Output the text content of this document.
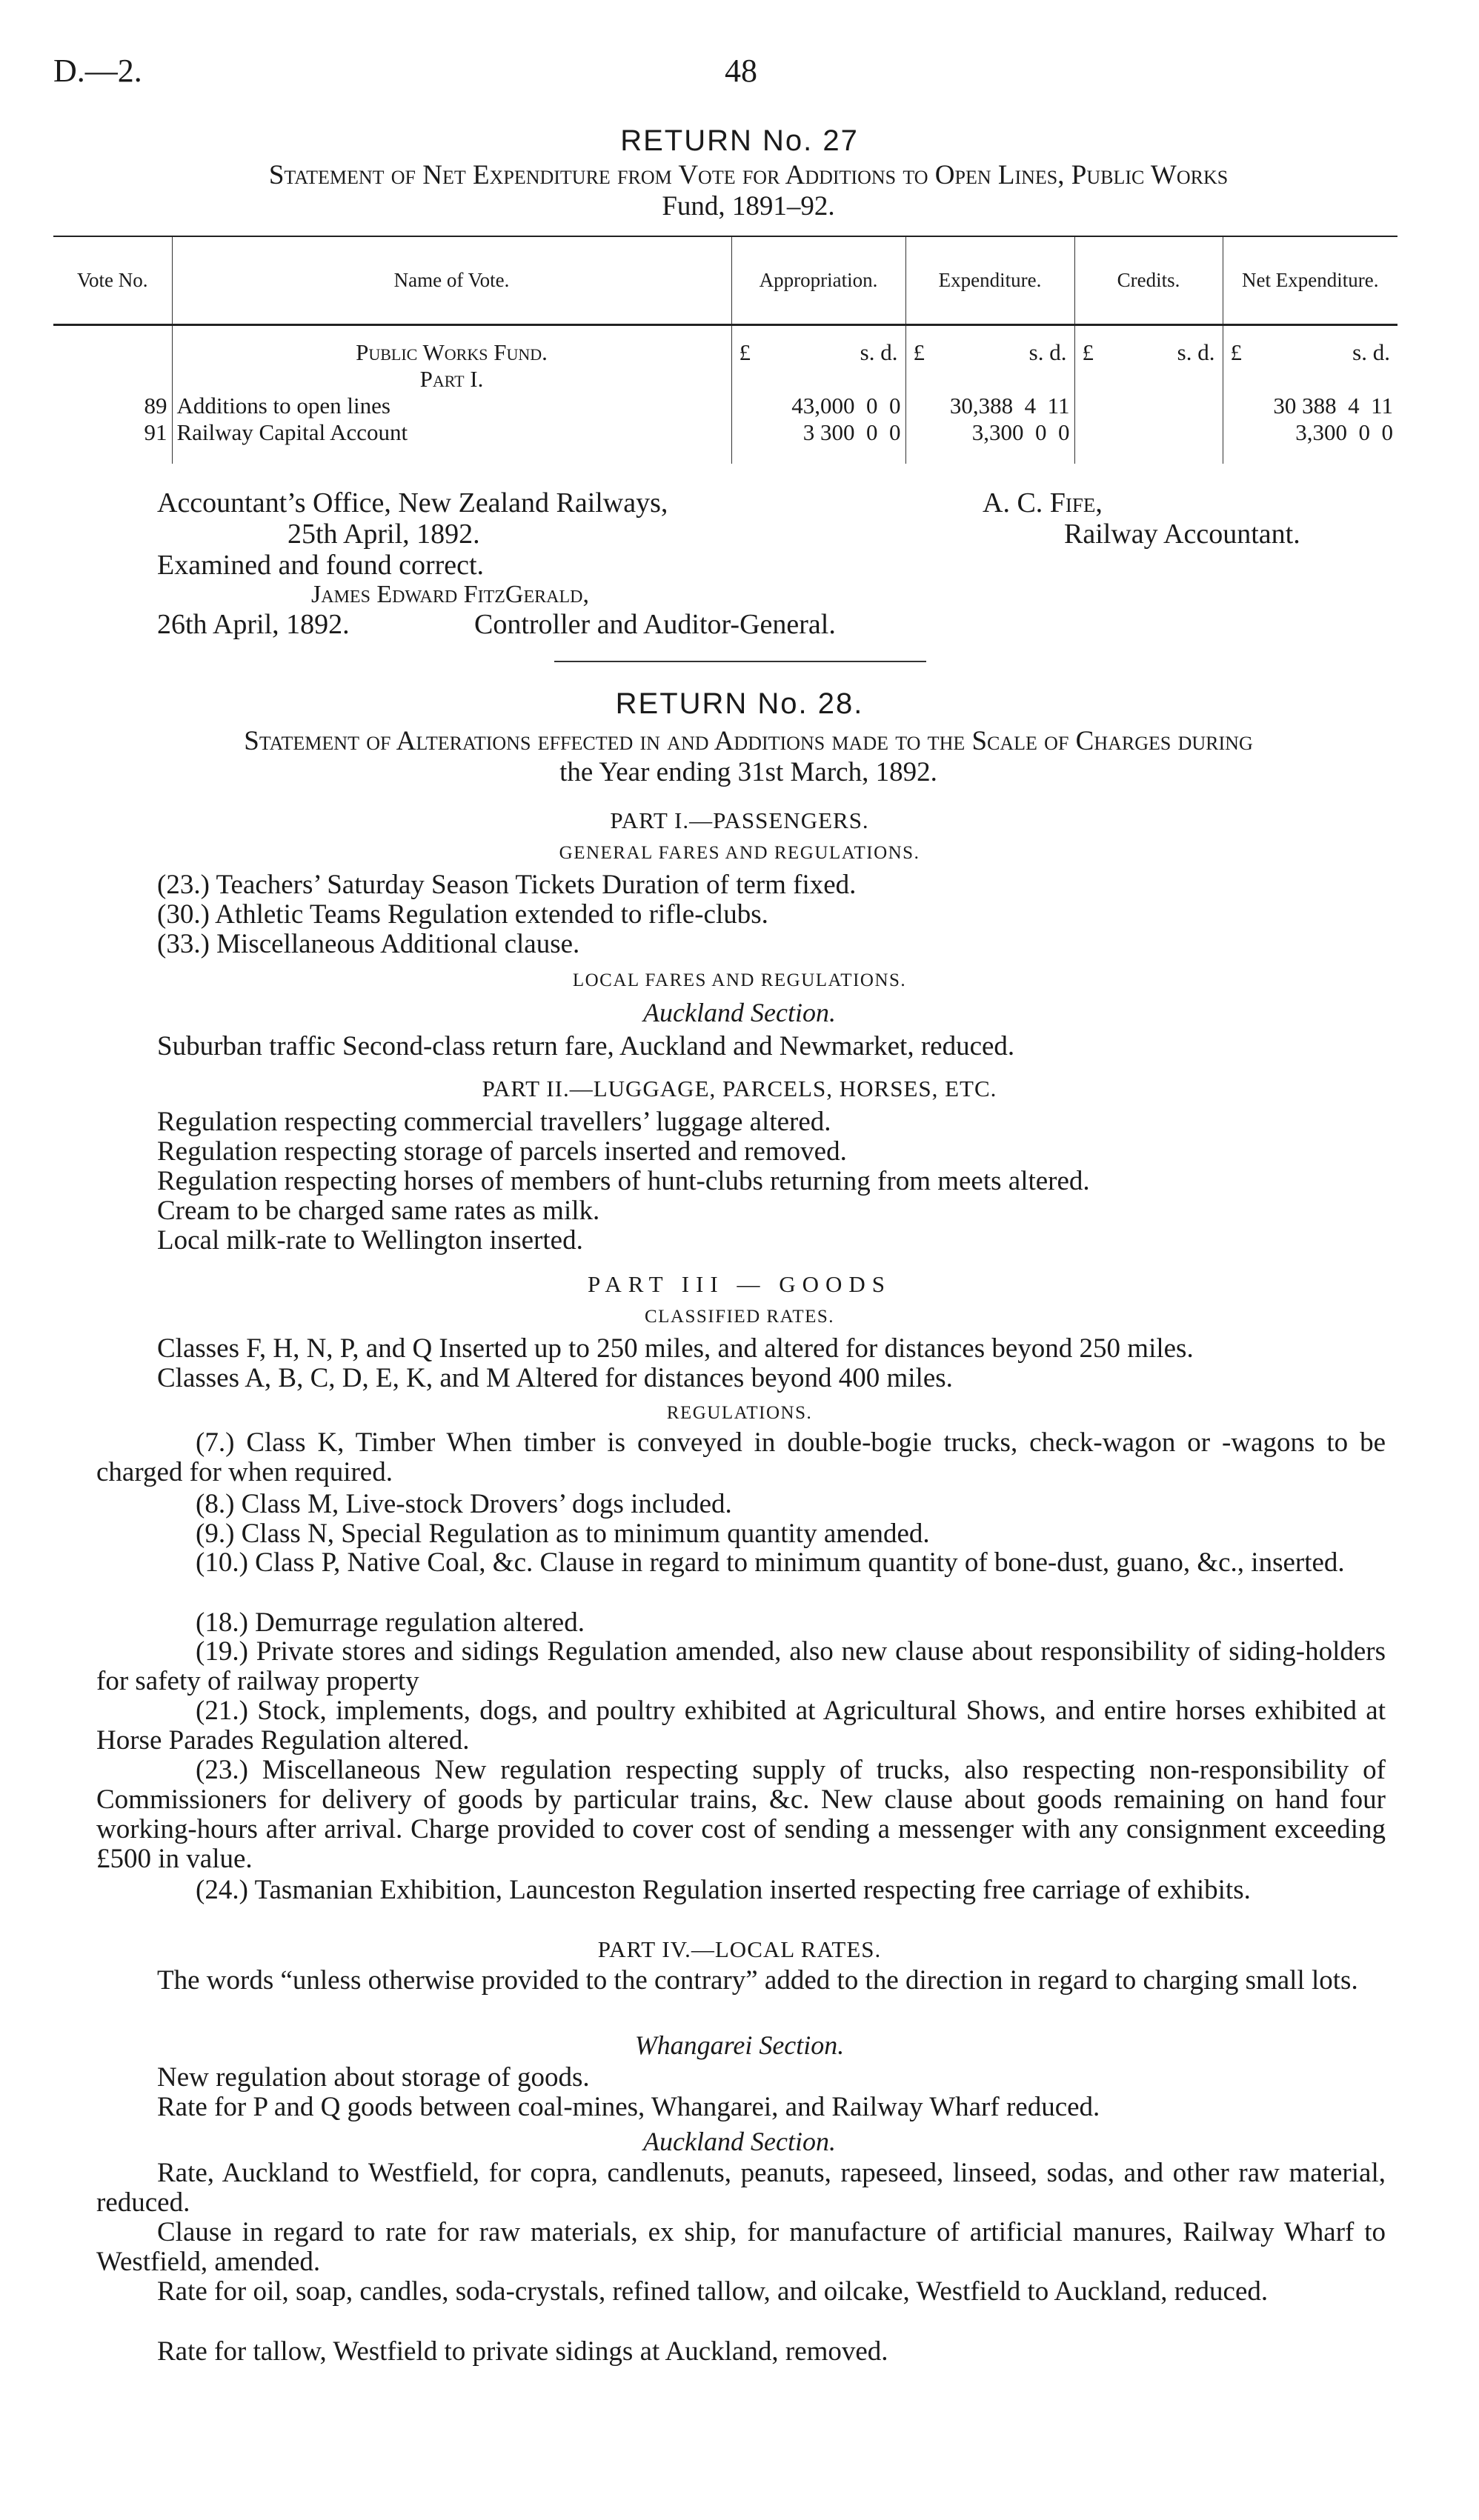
D.—2.	48
RETURN No. 27
Statement of Net Expenditure from Vote for Additions to Open Lines, Public Works
Fund, 1891–92.
Vote No.	Name of Vote.	Appropriation.	Expenditure.	Credits.	Net Expenditure.
	Public Works Fund.	£ s. d.	£ s. d.	£ s. d.	£ s. d.

	Part I.				
89	Additions to open lines	43,000 0 0	30,388 4 11		30 388 4 11
91	Railway Capital Account	3 300 0 0	3,300 0 0		3,300 0 0

Accountant’s Office, New Zealand Railways,
25th April, 1892.
A. C. Fife,
Railway Accountant.
Examined and found correct.
James Edward FitzGerald,
26th April, 1892.	Controller and Auditor-General.
RETURN No. 28.
Statement of Alterations effected in and Additions made to the Scale of Charges during
the Year ending 31st March, 1892.
PART I.—PASSENGERS.
GENERAL FARES AND REGULATIONS.
(23.) Teachers’ Saturday Season Tickets Duration of term fixed.
(30.) Athletic Teams Regulation extended to rifle-clubs.
(33.) Miscellaneous Additional clause.
LOCAL FARES AND REGULATIONS.
Auckland Section.
Suburban traffic Second-class return fare, Auckland and Newmarket, reduced.
PART II.—LUGGAGE, PARCELS, HORSES, ETC.
Regulation respecting commercial travellers’ luggage altered.
Regulation respecting storage of parcels inserted and removed.
Regulation respecting horses of members of hunt-clubs returning from meets altered.
Cream to be charged same rates as milk.
Local milk-rate to Wellington inserted.
PART III — GOODS
CLASSIFIED RATES.
Classes F, H, N, P, and Q Inserted up to 250 miles, and altered for distances beyond 250 miles.
Classes A, B, C, D, E, K, and M Altered for distances beyond 400 miles.
REGULATIONS.
(7.) Class K, Timber When timber is conveyed in double-bogie trucks, check-wagon or -wagons to be charged for when required.
(8.) Class M, Live-stock Drovers’ dogs included.
(9.) Class N, Special Regulation as to minimum quantity amended.
(10.) Class P, Native Coal, &c. Clause in regard to minimum quantity of bone-dust, guano, &c., inserted.
(18.) Demurrage regulation altered.
(19.) Private stores and sidings Regulation amended, also new clause about responsibility of siding-holders for safety of railway property
(21.) Stock, implements, dogs, and poultry exhibited at Agricultural Shows, and entire horses exhibited at Horse Parades Regulation altered.
(23.) Miscellaneous New regulation respecting supply of trucks, also respecting non-responsibility of Commissioners for delivery of goods by particular trains, &c. New clause about goods remaining on hand four working-hours after arrival. Charge provided to cover cost of sending a messenger with any consignment exceeding £500 in value.
(24.) Tasmanian Exhibition, Launceston Regulation inserted respecting free carriage of exhibits.
PART IV.—LOCAL RATES.
The words “unless otherwise provided to the contrary” added to the direction in regard to charging small lots.
Whangarei Section.
New regulation about storage of goods.
Rate for P and Q goods between coal-mines, Whangarei, and Railway Wharf reduced.
Auckland Section.
Rate, Auckland to Westfield, for copra, candlenuts, peanuts, rapeseed, linseed, sodas, and other raw material, reduced.
Clause in regard to rate for raw materials, ex ship, for manufacture of artificial manures, Railway Wharf to Westfield, amended.
Rate for oil, soap, candles, soda-crystals, refined tallow, and oilcake, Westfield to Auckland, reduced.
Rate for tallow, Westfield to private sidings at Auckland, removed.
